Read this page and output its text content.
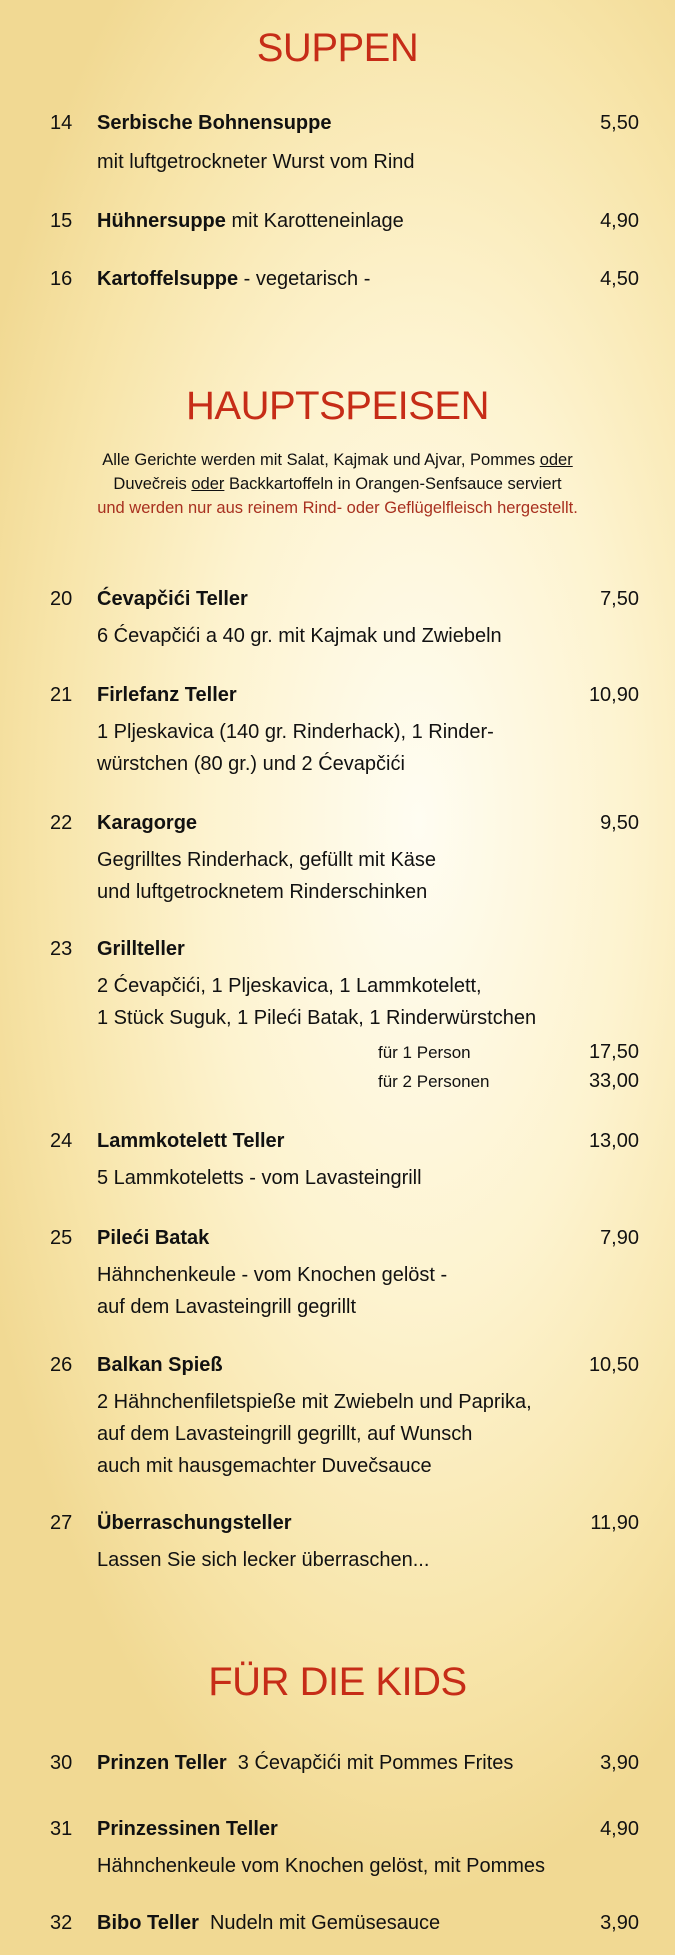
SUPPEN
14 Serbische Bohnensuppe	5,50
mit luftgetrockneter Wurst vom Rind
15 Hühnersuppe mit Karotteneinlage	4,90
16 Kartoffelsuppe - vegetarisch -	4,50
HAUPTSPEISEN
Alle Gerichte werden mit Salat, Kajmak und Ajvar, Pommes oder
Duvečreis oder Backkartoffeln in Orangen-Senfsauce serviert
und werden nur aus reinem Rind- oder Geflügelfleisch hergestellt.
20 Ćevapčići Teller	7,50
6 Ćevapčići a 40 gr. mit Kajmak und Zwiebeln
21 Firlefanz Teller	10,90
1 Pljeskavica (140 gr. Rinderhack), 1 Rinder-
würstchen (80 gr.) und 2 Ćevapčići
22 Karagorge	9,50
Gegrilltes Rinderhack, gefüllt mit Käse
und luftgetrocknetem Rinderschinken
23 Grillteller
2 Ćevapčići, 1 Pljeskavica, 1 Lammkotelett,
1 Stück Suguk, 1 Pileći Batak, 1 Rinderwürstchen
für 1 Person	17,50
für 2 Personen	33,00
24 Lammkotelett Teller	13,00
5 Lammkoteletts - vom Lavasteingrill
25 Pileći Batak	7,90
Hähnchenkeule - vom Knochen gelöst -
auf dem Lavasteingrill gegrillt
26 Balkan Spieß	10,50
2 Hähnchenfiletspieße mit Zwiebeln und Paprika,
auf dem Lavasteingrill gegrillt, auf Wunsch
auch mit hausgemachter Duvečsauce
27 Überraschungsteller	11,90
Lassen Sie sich lecker überraschen...
FÜR DIE KIDS
30 Prinzen Teller  3 Ćevapčići mit Pommes Frites	3,90
31 Prinzessinen Teller	4,90
Hähnchenkeule vom Knochen gelöst, mit Pommes
32 Bibo Teller  Nudeln mit Gemüsesauce	3,90
